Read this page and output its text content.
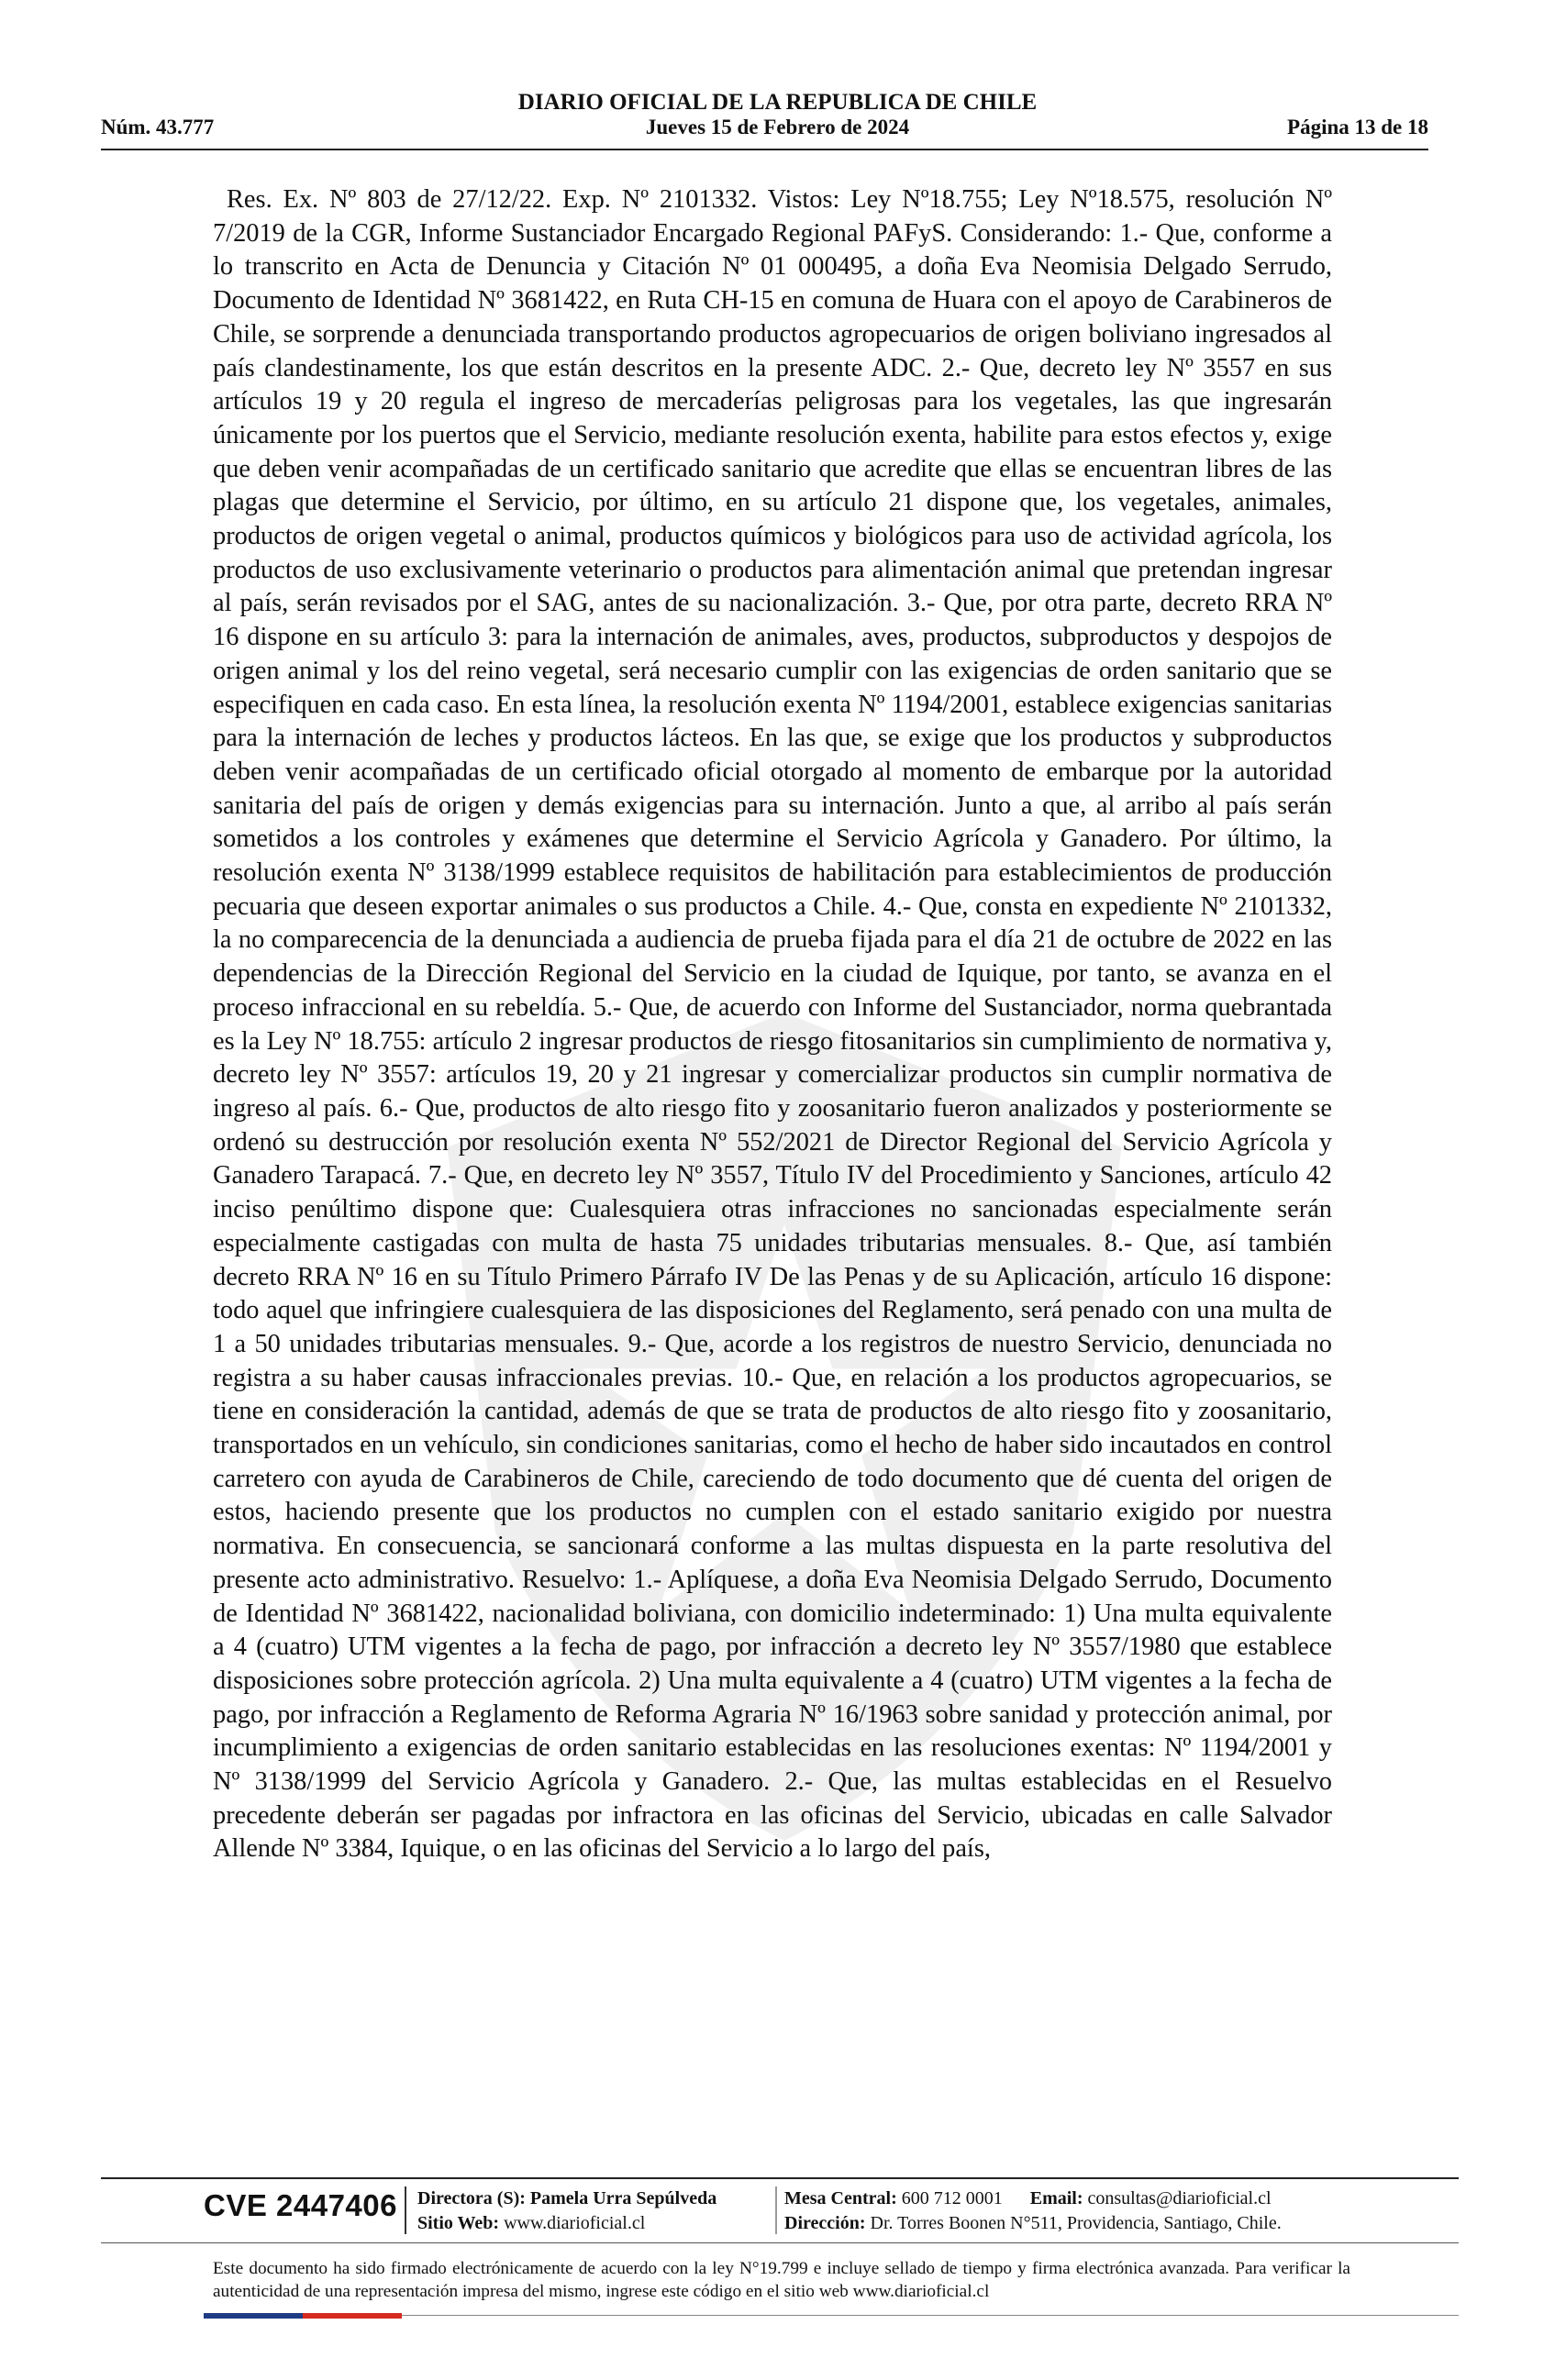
DIARIO OFICIAL DE LA REPUBLICA DE CHILE
Núm. 43.777	Jueves 15 de Febrero de 2024	Página 13 de 18

Res. Ex. Nº 803 de 27/12/22. Exp. Nº 2101332. Vistos: Ley Nº18.755; Ley Nº18.575, resolución Nº 7/2019 de la CGR, Informe Sustanciador Encargado Regional PAFyS. Considerando: 1.- Que, conforme a lo transcrito en Acta de Denuncia y Citación Nº 01 000495, a doña Eva Neomisia Delgado Serrudo, Documento de Identidad Nº 3681422, en Ruta CH-15 en comuna de Huara con el apoyo de Carabineros de Chile, se sorprende a denunciada transportando productos agropecuarios de origen boliviano ingresados al país clandestinamente, los que están descritos en la presente ADC. 2.- Que, decreto ley Nº 3557 en sus artículos 19 y 20 regula el ingreso de mercaderías peligrosas para los vegetales, las que ingresarán únicamente por los puertos que el Servicio, mediante resolución exenta, habilite para estos efectos y, exige que deben venir acompañadas de un certificado sanitario que acredite que ellas se encuentran libres de las plagas que determine el Servicio, por último, en su artículo 21 dispone que, los vegetales, animales, productos de origen vegetal o animal, productos químicos y biológicos para uso de actividad agrícola, los productos de uso exclusivamente veterinario o productos para alimentación animal que pretendan ingresar al país, serán revisados por el SAG, antes de su nacionalización. 3.- Que, por otra parte, decreto RRA Nº 16 dispone en su artículo 3: para la internación de animales, aves, productos, subproductos y despojos de origen animal y los del reino vegetal, será necesario cumplir con las exigencias de orden sanitario que se especifiquen en cada caso. En esta línea, la resolución exenta Nº 1194/2001, establece exigencias sanitarias para la internación de leches y productos lácteos. En las que, se exige que los productos y subproductos deben venir acompañadas de un certificado oficial otorgado al momento de embarque por la autoridad sanitaria del país de origen y demás exigencias para su internación. Junto a que, al arribo al país serán sometidos a los controles y exámenes que determine el Servicio Agrícola y Ganadero. Por último, la resolución exenta Nº 3138/1999 establece requisitos de habilitación para establecimientos de producción pecuaria que deseen exportar animales o sus productos a Chile. 4.- Que, consta en expediente Nº 2101332, la no comparecencia de la denunciada a audiencia de prueba fijada para el día 21 de octubre de 2022 en las dependencias de la Dirección Regional del Servicio en la ciudad de Iquique, por tanto, se avanza en el proceso infraccional en su rebeldía. 5.- Que, de acuerdo con Informe del Sustanciador, norma quebrantada es la Ley Nº 18.755: artículo 2 ingresar productos de riesgo fitosanitarios sin cumplimiento de normativa y, decreto ley Nº 3557: artículos 19, 20 y 21 ingresar y comercializar productos sin cumplir normativa de ingreso al país. 6.- Que, productos de alto riesgo fito y zoosanitario fueron analizados y posteriormente se ordenó su destrucción por resolución exenta Nº 552/2021 de Director Regional del Servicio Agrícola y Ganadero Tarapacá. 7.- Que, en decreto ley Nº 3557, Título IV del Procedimiento y Sanciones, artículo 42 inciso penúltimo dispone que: Cualesquiera otras infracciones no sancionadas especialmente serán especialmente castigadas con multa de hasta 75 unidades tributarias mensuales. 8.- Que, así también decreto RRA Nº 16 en su Título Primero Párrafo IV De las Penas y de su Aplicación, artículo 16 dispone: todo aquel que infringiere cualesquiera de las disposiciones del Reglamento, será penado con una multa de 1 a 50 unidades tributarias mensuales. 9.- Que, acorde a los registros de nuestro Servicio, denunciada no registra a su haber causas infraccionales previas. 10.- Que, en relación a los productos agropecuarios, se tiene en consideración la cantidad, además de que se trata de productos de alto riesgo fito y zoosanitario, transportados en un vehículo, sin condiciones sanitarias, como el hecho de haber sido incautados en control carretero con ayuda de Carabineros de Chile, careciendo de todo documento que dé cuenta del origen de estos, haciendo presente que los productos no cumplen con el estado sanitario exigido por nuestra normativa. En consecuencia, se sancionará conforme a las multas dispuesta en la parte resolutiva del presente acto administrativo. Resuelvo: 1.- Aplíquese, a doña Eva Neomisia Delgado Serrudo, Documento de Identidad Nº 3681422, nacionalidad boliviana, con domicilio indeterminado: 1) Una multa equivalente a 4 (cuatro) UTM vigentes a la fecha de pago, por infracción a decreto ley Nº 3557/1980 que establece disposiciones sobre protección agrícola. 2) Una multa equivalente a 4 (cuatro) UTM vigentes a la fecha de pago, por infracción a Reglamento de Reforma Agraria Nº 16/1963 sobre sanidad y protección animal, por incumplimiento a exigencias de orden sanitario establecidas en las resoluciones exentas: Nº 1194/2001 y Nº 3138/1999 del Servicio Agrícola y Ganadero. 2.- Que, las multas establecidas en el Resuelvo precedente deberán ser pagadas por infractora en las oficinas del Servicio, ubicadas en calle Salvador Allende Nº 3384, Iquique, o en las oficinas del Servicio a lo largo del país,

CVE 2447406 Directora (S): Pamela Urra Sepúlveda
Sitio Web: www.diarioficial.cl
Mesa Central: 600 712 0001 Email: consultas@diarioficial.cl
Dirección: Dr. Torres Boonen N°511, Providencia, Santiago, Chile.
Este documento ha sido firmado electrónicamente de acuerdo con la ley N°19.799 e incluye sellado de tiempo y firma electrónica avanzada. Para verificar la autenticidad de una representación impresa del mismo, ingrese este código en el sitio web www.diarioficial.cl
